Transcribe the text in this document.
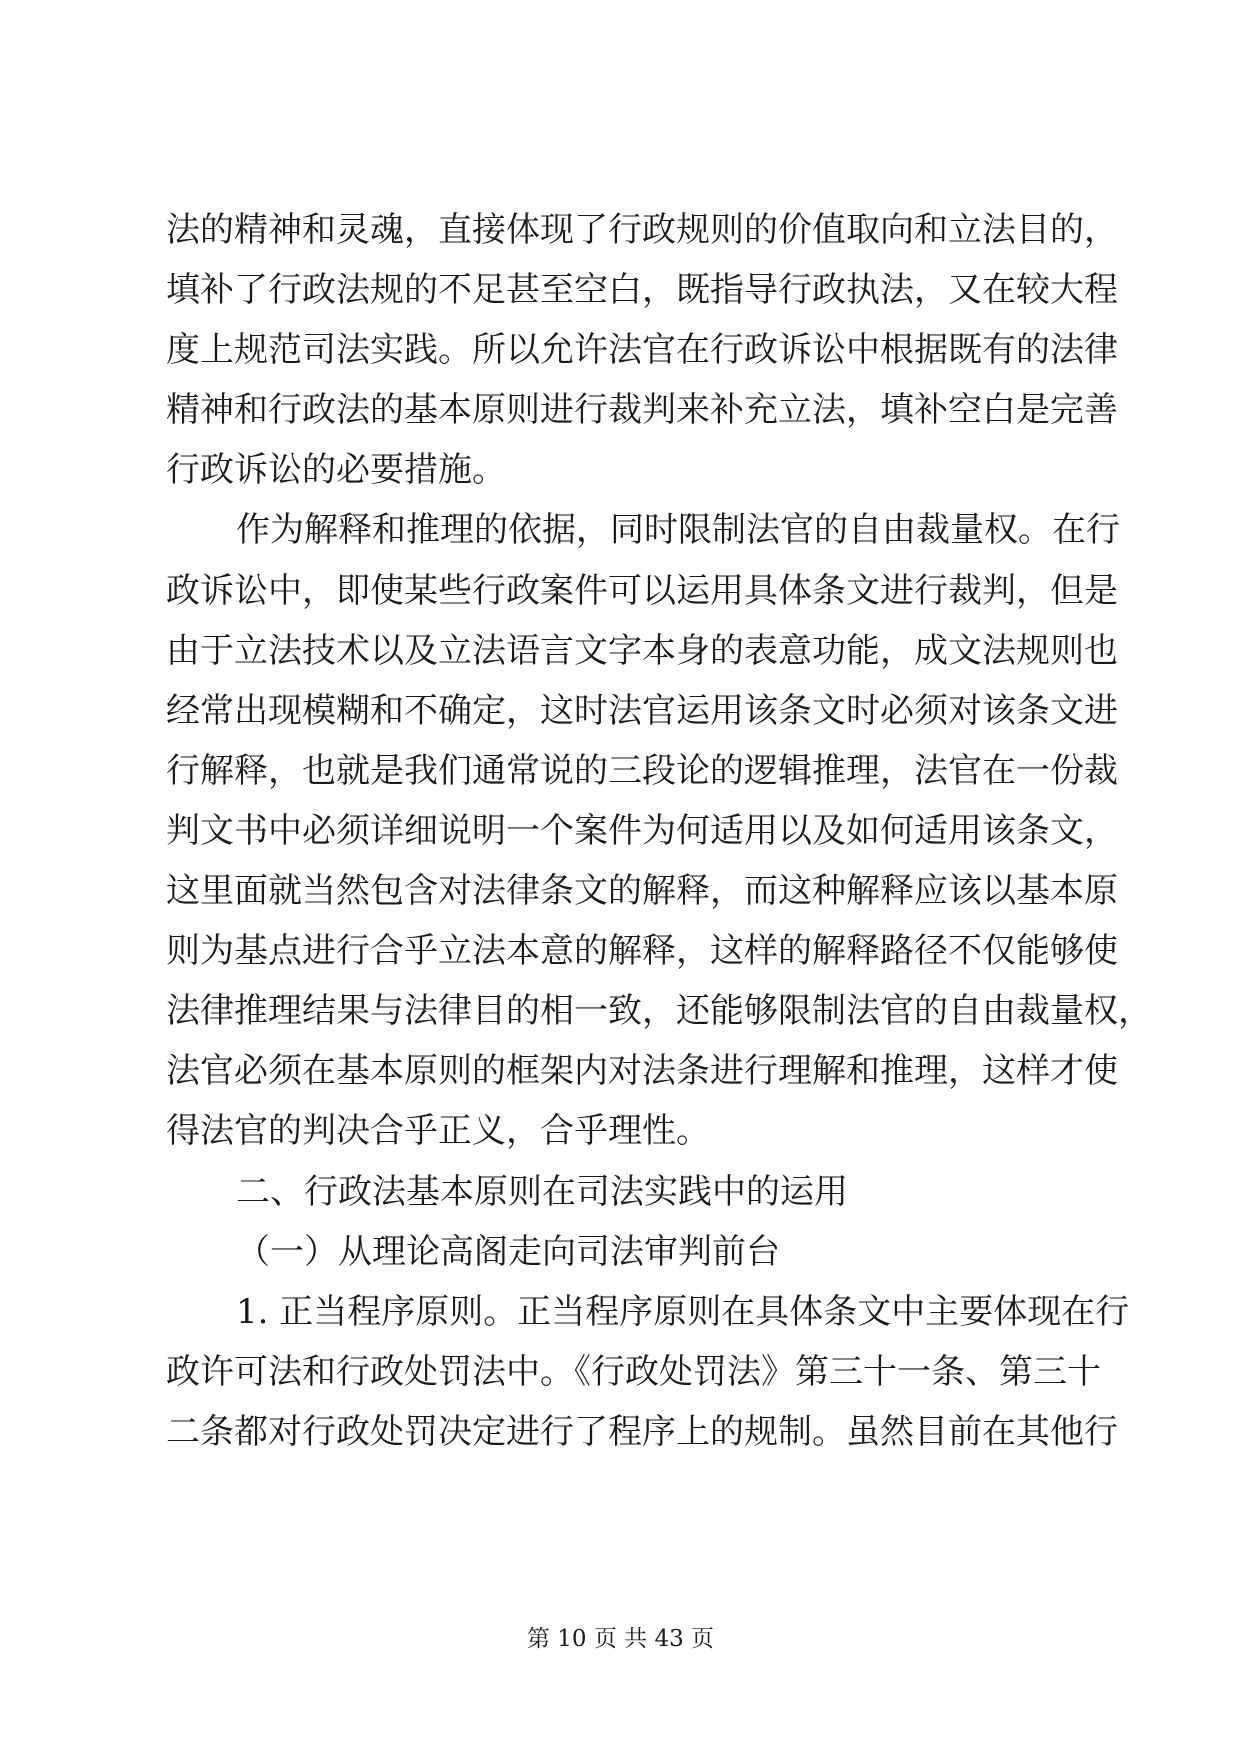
法的精神和灵魂，直接体现了行政规则的价值取向和立法目的，
填补了行政法规的不足甚至空白，既指导行政执法，又在较大程
度上规范司法实践。所以允许法官在行政诉讼中根据既有的法律
精神和行政法的基本原则进行裁判来补充立法，填补空白是完善
行政诉讼的必要措施。
作为解释和推理的依据，同时限制法官的自由裁量权。在行
政诉讼中，即使某些行政案件可以运用具体条文进行裁判，但是
由于立法技术以及立法语言文字本身的表意功能，成文法规则也
经常出现模糊和不确定，这时法官运用该条文时必须对该条文进
行解释，也就是我们通常说的三段论的逻辑推理，法官在一份裁
判文书中必须详细说明一个案件为何适用以及如何适用该条文，
这里面就当然包含对法律条文的解释，而这种解释应该以基本原
则为基点进行合乎立法本意的解释，这样的解释路径不仅能够使
法律推理结果与法律目的相一致，还能够限制法官的自由裁量权，
法官必须在基本原则的框架内对法条进行理解和推理，这样才使
得法官的判决合乎正义，合乎理性。
二、行政法基本原则在司法实践中的运用
（一）从理论高阁走向司法审判前台
1. 正当程序原则。正当程序原则在具体条文中主要体现在行
政许可法和行政处罚法中。《行政处罚法》第三十一条、第三十
二条都对行政处罚决定进行了程序上的规制。虽然目前在其他行
第 10 页 共 43 页
